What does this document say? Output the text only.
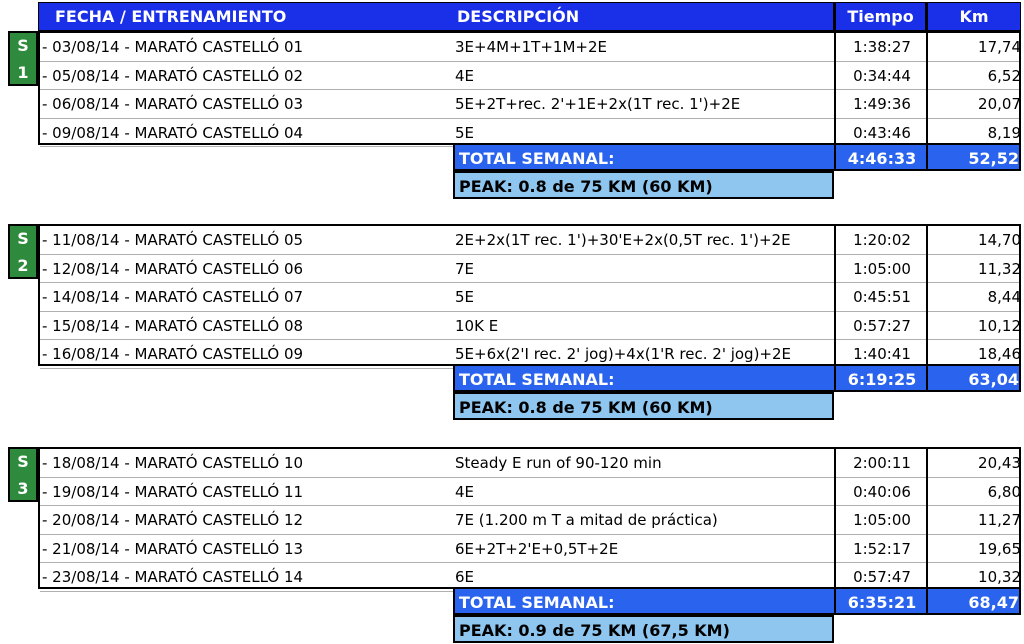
FECHA / ENTRENAMIENTO	DESCRIPCIÓN	Tiempo	Km
S
1
- 03/08/14 - MARATÓ CASTELLÓ 01	3E+4M+1T+1M+2E	1:38:27	17,74
- 05/08/14 - MARATÓ CASTELLÓ 02	4E	0:34:44	6,52
- 06/08/14 - MARATÓ CASTELLÓ 03	5E+2T+rec. 2'+1E+2x(1T rec. 1')+2E	1:49:36	20,07
- 09/08/14 - MARATÓ CASTELLÓ 04	5E	0:43:46	8,19
TOTAL SEMANAL:	4:46:33	52,52
PEAK: 0.8 de 75 KM (60 KM)
S
2
- 11/08/14 - MARATÓ CASTELLÓ 05	2E+2x(1T rec. 1')+30'E+2x(0,5T rec. 1')+2E	1:20:02	14,70
- 12/08/14 - MARATÓ CASTELLÓ 06	7E	1:05:00	11,32
- 14/08/14 - MARATÓ CASTELLÓ 07	5E	0:45:51	8,44
- 15/08/14 - MARATÓ CASTELLÓ 08	10K E	0:57:27	10,12
- 16/08/14 - MARATÓ CASTELLÓ 09	5E+6x(2'I rec. 2' jog)+4x(1'R rec. 2' jog)+2E	1:40:41	18,46
TOTAL SEMANAL:	6:19:25	63,04
PEAK: 0.8 de 75 KM (60 KM)
S
3
- 18/08/14 - MARATÓ CASTELLÓ 10	Steady E run of 90-120 min	2:00:11	20,43
- 19/08/14 - MARATÓ CASTELLÓ 11	4E	0:40:06	6,80
- 20/08/14 - MARATÓ CASTELLÓ 12	7E (1.200 m T a mitad de práctica)	1:05:00	11,27
- 21/08/14 - MARATÓ CASTELLÓ 13	6E+2T+2'E+0,5T+2E	1:52:17	19,65
- 23/08/14 - MARATÓ CASTELLÓ 14	6E	0:57:47	10,32
TOTAL SEMANAL:	6:35:21	68,47
PEAK: 0.9 de 75 KM (67,5 KM)
